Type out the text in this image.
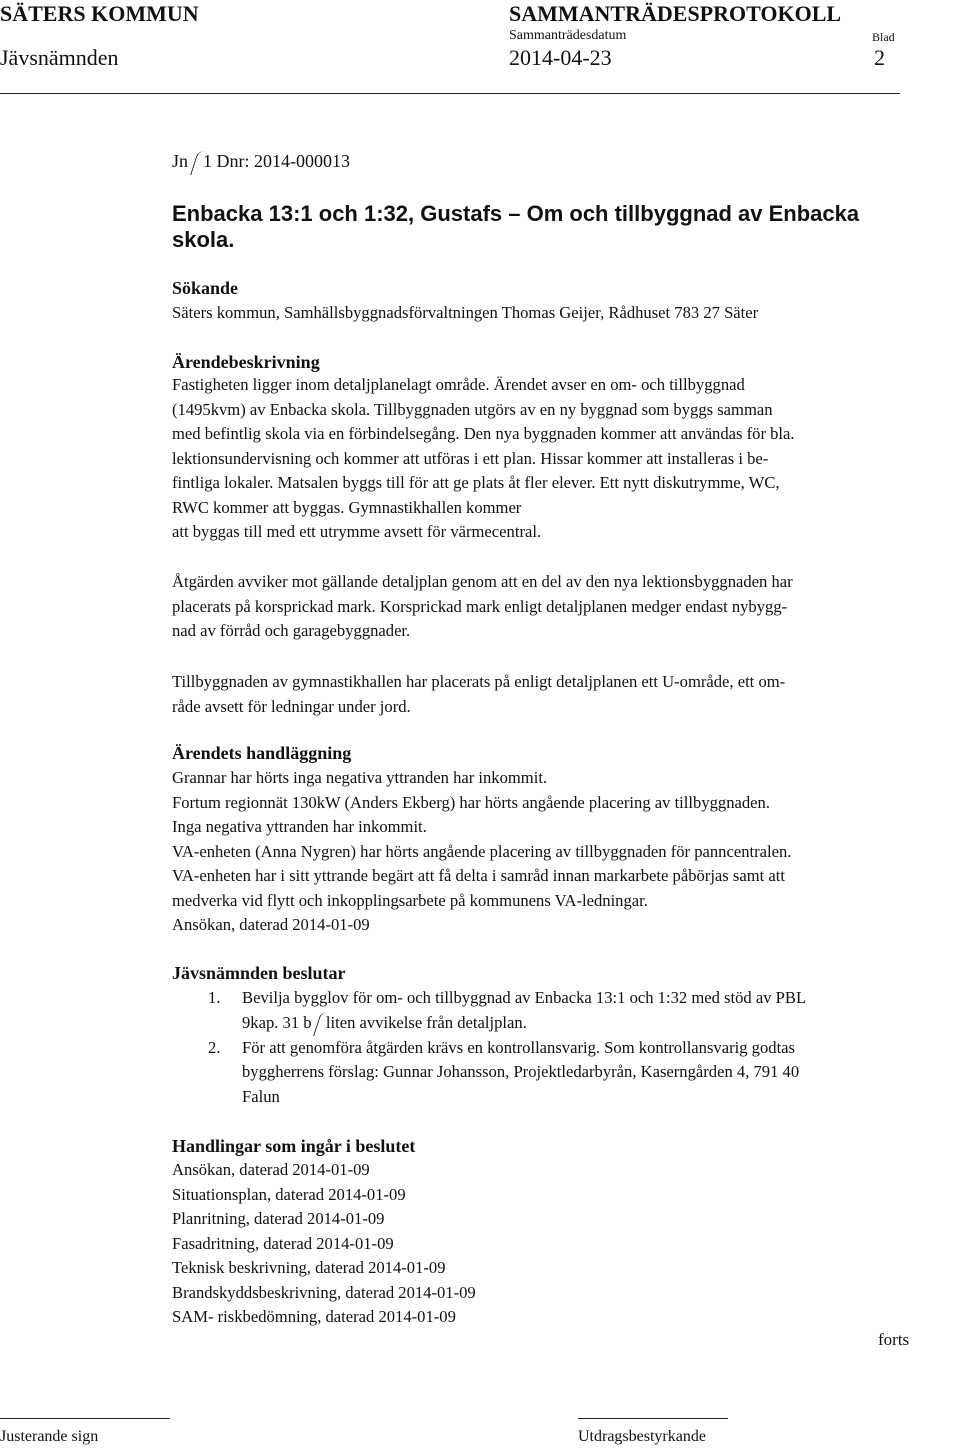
SÄTERS KOMMUN	SAMMANTRÄDESPROTOKOLL
Sammanträdesdatum	Blad
Jävsnämnden	2014-04-23	2
Jn 1 Dnr: 2014-000013
Enbacka 13:1 och 1:32, Gustafs – Om och tillbyggnad av Enbacka
skola.
Sökande
Säters kommun, Samhällsbyggnadsförvaltningen Thomas Geijer, Rådhuset 783 27 Säter
Ärendebeskrivning
Fastigheten ligger inom detaljplanelagt område. Ärendet avser en om- och tillbyggnad
(1495kvm) av Enbacka skola. Tillbyggnaden utgörs av en ny byggnad som byggs samman
med befintlig skola via en förbindelsegång. Den nya byggnaden kommer att användas för bla.
lektionsundervisning och kommer att utföras i ett plan. Hissar kommer att installeras i be-
fintliga lokaler. Matsalen byggs till för att ge plats åt fler elever. Ett nytt diskutrymme, WC,
RWC kommer att byggas. Gymnastikhallen kommer
att byggas till med ett utrymme avsett för värmecentral.
Åtgärden avviker mot gällande detaljplan genom att en del av den nya lektionsbyggnaden har
placerats på korsprickad mark. Korsprickad mark enligt detaljplanen medger endast nybygg-
nad av förråd och garagebyggnader.
Tillbyggnaden av gymnastikhallen har placerats på enligt detaljplanen ett U-område, ett om-
råde avsett för ledningar under jord.
Ärendets handläggning
Grannar har hörts inga negativa yttranden har inkommit.
Fortum regionnät 130kW (Anders Ekberg) har hörts angående placering av tillbyggnaden.
Inga negativa yttranden har inkommit.
VA-enheten (Anna Nygren) har hörts angående placering av tillbyggnaden för panncentralen.
VA-enheten har i sitt yttrande begärt att få delta i samråd innan markarbete påbörjas samt att
medverka vid flytt och inkopplingsarbete på kommunens VA-ledningar.
Ansökan, daterad 2014-01-09
Jävsnämnden beslutar
1. Bevilja bygglov för om- och tillbyggnad av Enbacka 13:1 och 1:32 med stöd av PBL
9kap. 31 b liten avvikelse från detaljplan.
2. För att genomföra åtgärden krävs en kontrollansvarig. Som kontrollansvarig godtas
byggherrens förslag: Gunnar Johansson, Projektledarbyrån, Kaserngården 4, 791 40
Falun
Handlingar som ingår i beslutet
Ansökan, daterad 2014-01-09
Situationsplan, daterad 2014-01-09
Planritning, daterad 2014-01-09
Fasadritning, daterad 2014-01-09
Teknisk beskrivning, daterad 2014-01-09
Brandskyddsbeskrivning, daterad 2014-01-09
SAM- riskbedömning, daterad 2014-01-09
forts
Justerande sign	Utdragsbestyrkande
